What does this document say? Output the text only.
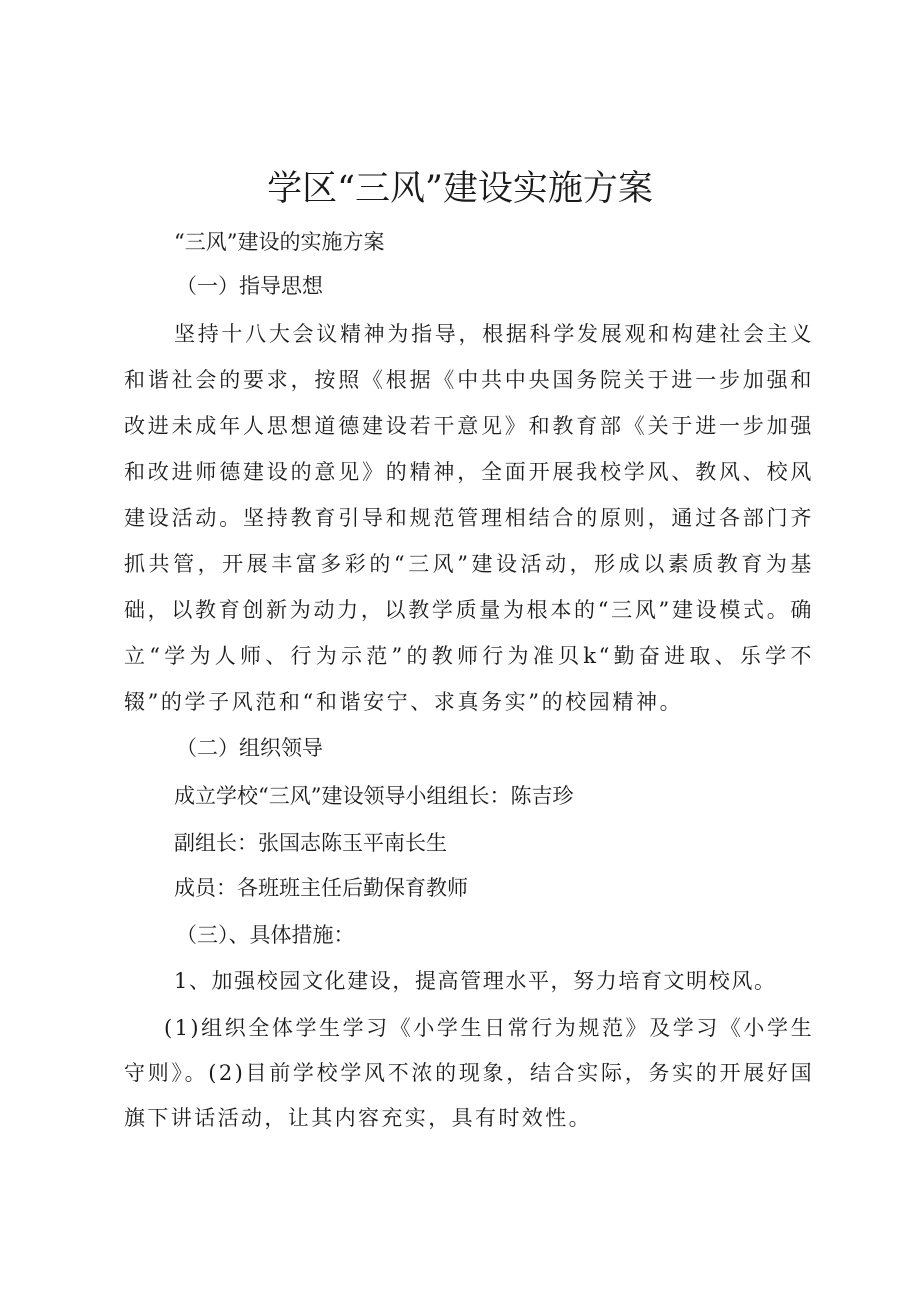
学区“三风”建设实施方案

“三风”建设的实施方案

（一）指导思想

坚持十八大会议精神为指导，根据科学发展观和构建社会主义和谐社会的要求，按照《根据《中共中央国务院关于进一步加强和改进未成年人思想道德建设若干意见》和教育部《关于进一步加强和改进师德建设的意见》的精神，全面开展我校学风、教风、校风建设活动。坚持教育引导和规范管理相结合的原则，通过各部门齐抓共管，开展丰富多彩的“三风”建设活动，形成以素质教育为基础，以教育创新为动力，以教学质量为根本的“三风”建设模式。确立“学为人师、行为示范”的教师行为准贝k“勤奋进取、乐学不辍”的学子风范和“和谐安宁、求真务实”的校园精神。

（二）组织领导

成立学校“三风”建设领导小组组长：陈吉珍

副组长：张国志陈玉平南长生

成员：各班班主任后勤保育教师

（三）、具体措施：

1、加强校园文化建设，提高管理水平，努力培育文明校风。

(1)组织全体学生学习《小学生日常行为规范》及学习《小学生守则》。(2)目前学校学风不浓的现象，结合实际，务实的开展好国旗下讲话活动，让其内容充实，具有时效性。
